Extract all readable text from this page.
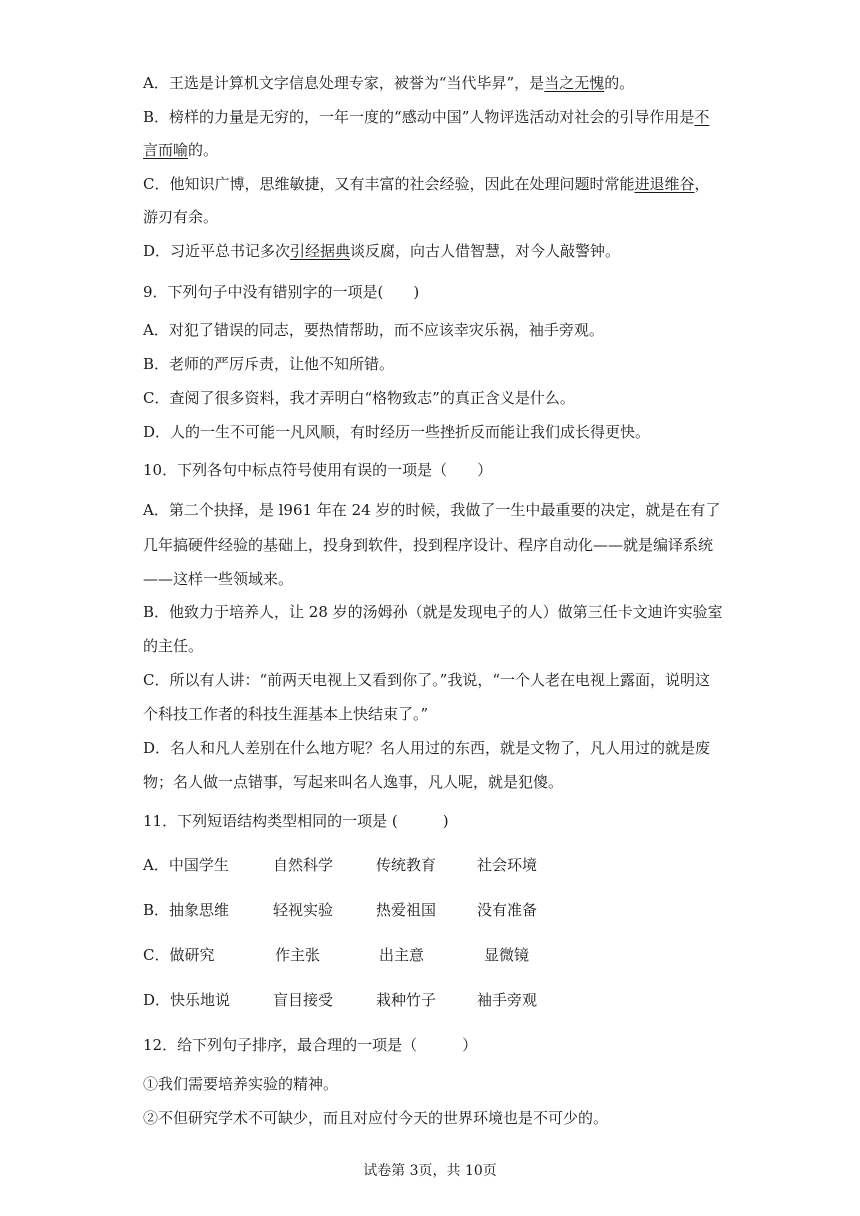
A．王选是计算机文字信息处理专家，被誉为“当代毕昇”，是当之无愧的。
B．榜样的力量是无穷的，一年一度的“感动中国”人物评选活动对社会的引导作用是不
言而喻的。
C．他知识广博，思维敏捷，又有丰富的社会经验，因此在处理问题时常能进退维谷，
游刃有余。
D．习近平总书记多次引经据典谈反腐，向古人借智慧，对今人敲警钟。
9．下列句子中没有错别字的一项是(　　)
A．对犯了错误的同志，要热情帮助，而不应该幸灾乐祸，袖手旁观。
B．老师的严厉斥责，让他不知所错。
C．查阅了很多资料，我才弄明白“格物致志”的真正含义是什么。
D．人的一生不可能一凡风顺，有时经历一些挫折反而能让我们成长得更快。
10．下列各句中标点符号使用有误的一项是（　　）
A．第二个抉择，是 l961 年在 24 岁的时候，我做了一生中最重要的决定，就是在有了
几年搞硬件经验的基础上，投身到软件，投到程序设计、程序自动化——就是编译系统
——这样一些领域来。
B．他致力于培养人，让 28 岁的汤姆孙（就是发现电子的人）做第三任卡文迪许实验室
的主任。
C．所以有人讲：“前两天电视上又看到你了。”我说，“一个人老在电视上露面，说明这
个科技工作者的科技生涯基本上快结束了。”
D．名人和凡人差别在什么地方呢？名人用过的东西，就是文物了，凡人用过的就是废
物；名人做一点错事，写起来叫名人逸事，凡人呢，就是犯傻。
11．下列短语结构类型相同的一项是 (　　　)
A．中国学生	自然科学	传统教育	社会环境
B．抽象思维	轻视实验	热爱祖国	没有准备
C．做研究	作主张	出主意	显微镜
D．快乐地说	盲目接受	栽种竹子	袖手旁观
12．给下列句子排序，最合理的一项是（　　　）
①我们需要培养实验的精神。
②不但研究学术不可缺少，而且对应付今天的世界环境也是不可少的。
试卷第 3页，共 10页
